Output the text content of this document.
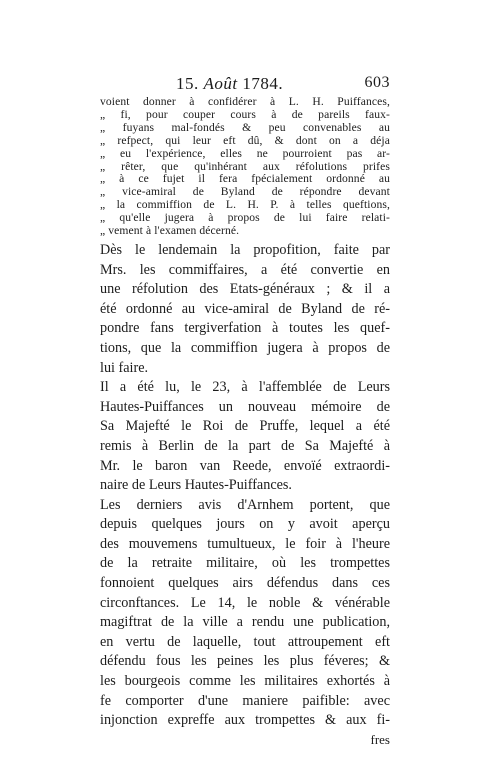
15. Août 1784.	603
voient donner à confidérer à L. H. Puiffances,
„ fi, pour couper cours à de pareils faux-
„ fuyans mal-fondés & peu convenables au
„ refpect, qui leur eft dû, & dont on a déja
„ eu l'expérience, elles ne pourroient pas ar-
„ rêter, que qu'inhérant aux réfolutions prifes
„ à ce fujet il fera fpécialement ordonné au
„ vice-amiral de Byland de répondre devant
„ la commiffion de L. H. P. à telles queftions,
„ qu'elle jugera à propos de lui faire relati-
„ vement à l'examen décerné.
Dès le lendemain la propofition, faite par
Mrs. les commiffaires, a été convertie en
une réfolution des Etats-généraux ; & il a
été ordonné au vice-amiral de Byland de ré-
pondre fans tergiverfation à toutes les quef-
tions, que la commiffion jugera à propos de
lui faire.
Il a été lu, le 23, à l'affemblée de Leurs
Hautes-Puiffances un nouveau mémoire de
Sa Majefté le Roi de Pruffe, lequel a été
remis à Berlin de la part de Sa Majefté à
Mr. le baron van Reede, envoïé extraordi-
naire de Leurs Hautes-Puiffances.
Les derniers avis d'Arnhem portent, que
depuis quelques jours on y avoit aperçu
des mouvemens tumultueux, le foir à l'heure
de la retraite militaire, où les trompettes
fonnoient quelques airs défendus dans ces
circonftances. Le 14, le noble & vénérable
magiftrat de la ville a rendu une publication,
en vertu de laquelle, tout attroupement eft
défendu fous les peines les plus féveres; &
les bourgeois comme les militaires exhortés à
fe comporter d'une maniere paifible: avec
injonction expreffe aux trompettes & aux fi-
fres
